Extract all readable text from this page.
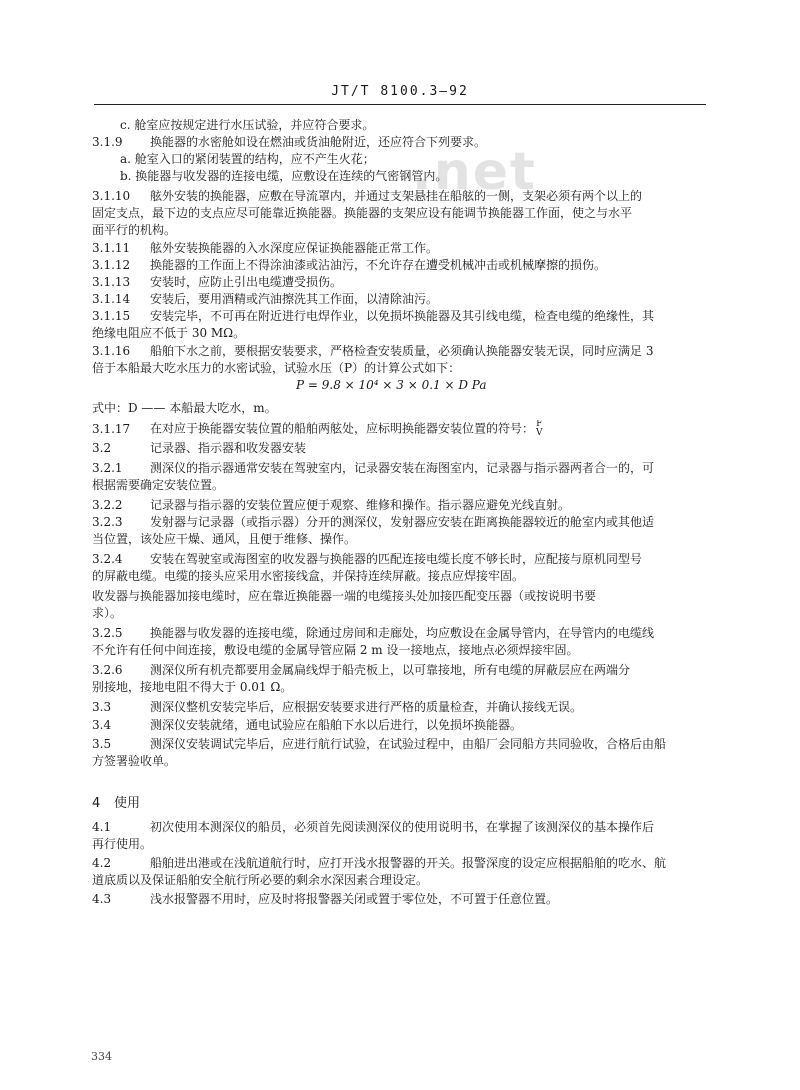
.net
JT/T 8100.3—92
c. 舱室应按规定进行水压试验，并应符合要求。
3.1.9 换能器的水密舱如设在燃油或货油舱附近，还应符合下列要求。
a. 舱室入口的紧闭装置的结构，应不产生火花；
b. 换能器与收发器的连接电缆，应敷设在连续的气密钢管内。
3.1.10 舷外安装的换能器，应敷在导流罩内，并通过支架悬挂在船舷的一侧，支架必须有两个以上的
固定支点，最下边的支点应尽可能靠近换能器。换能器的支架应设有能调节换能器工作面，使之与水平
面平行的机构。
3.1.11 舷外安装换能器的入水深度应保证换能器能正常工作。
3.1.12 换能器的工作面上不得涂油漆或沾油污，不允许存在遭受机械冲击或机械摩擦的损伤。
3.1.13 安装时，应防止引出电缆遭受损伤。
3.1.14 安装后，要用酒精或汽油擦洗其工作面，以清除油污。
3.1.15 安装完毕，不可再在附近进行电焊作业，以免损坏换能器及其引线电缆，检查电缆的绝缘性，其
绝缘电阻应不低于 30 MΩ。
3.1.16 船舶下水之前，要根据安装要求，严格检查安装质量，必须确认换能器安装无误，同时应满足 3
倍于本船最大吃水压力的水密试验，试验水压（P）的计算公式如下：
P = 9.8 × 10⁴ × 3 × 0.1 × D Pa
式中：D —— 本船最大吃水，m。
3.1.17 在对应于换能器安装位置的船舶两舷处，应标明换能器安装位置的符号： F
V
3.2	记录器、指示器和收发器安装
3.2.1 测深仪的指示器通常安装在驾驶室内，记录器安装在海图室内，记录器与指示器两者合一的，可
根据需要确定安装位置。
3.2.2 记录器与指示器的安装位置应便于观察、维修和操作。指示器应避免光线直射。
3.2.3 发射器与记录器（或指示器）分开的测深仪，发射器应安装在距离换能器较近的舱室内或其他适
当位置，该处应干燥、通风，且便于维修、操作。
3.2.4 安装在驾驶室或海图室的收发器与换能器的匹配连接电缆长度不够长时，应配接与原机同型号
的屏蔽电缆。电缆的接头应采用水密接线盒，并保持连续屏蔽。接点应焊接牢固。
收发器与换能器加接电缆时，应在靠近换能器一端的电缆接头处加接匹配变压器（或按说明书要
求）。
3.2.5 换能器与收发器的连接电缆，除通过房间和走廊处，均应敷设在金属导管内，在导管内的电缆线
不允许有任何中间连接，敷设电缆的金属导管应隔 2 m 设一接地点，接地点必须焊接牢固。
3.2.6 测深仪所有机壳都要用金属扁线焊于船壳板上，以可靠接地，所有电缆的屏蔽层应在两端分
别接地，接地电阻不得大于 0.01 Ω。
3.3	测深仪整机安装完毕后，应根据安装要求进行严格的质量检查，并确认接线无误。
3.4	测深仪安装就绪，通电试验应在船舶下水以后进行，以免损坏换能器。
3.5	测深仪安装调试完毕后，应进行航行试验，在试验过程中，由船厂会同船方共同验收，合格后由船
方签署验收单。
4 使用
4.1	初次使用本测深仪的船员，必须首先阅读测深仪的使用说明书，在掌握了该测深仪的基本操作后
再行使用。
4.2	船舶进出港或在浅航道航行时，应打开浅水报警器的开关。报警深度的设定应根据船舶的吃水、航
道底质以及保证船舶安全航行所必要的剩余水深因素合理设定。
4.3	浅水报警器不用时，应及时将报警器关闭或置于零位处，不可置于任意位置。
334
